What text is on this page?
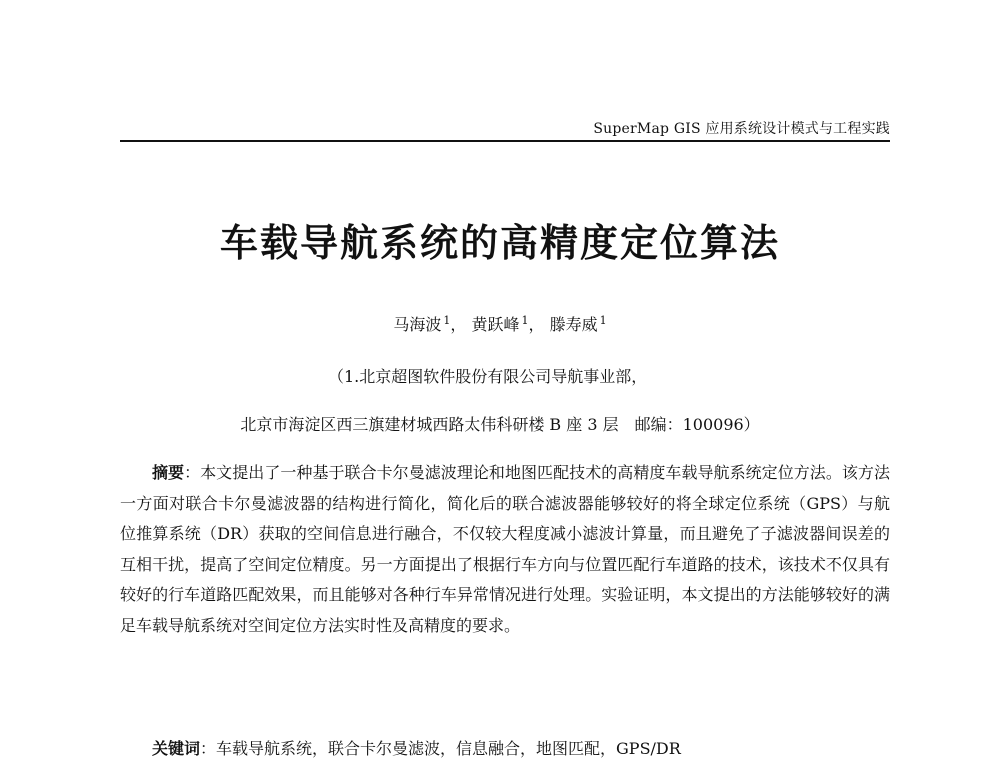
SuperMap GIS 应用系统设计模式与工程实践
车载导航系统的高精度定位算法
马海波 $^1$， 黄跃峰 $^1$， 滕寿威 $^1$
（1.北京超图软件股份有限公司导航事业部，
北京市海淀区西三旗建材城西路太伟科研楼 B 座 3 层　邮编：100096）

摘要：本文提出了一种基于联合卡尔曼滤波理论和地图匹配技术的高精度车载导航系统定位方法。该方法一方面对联合卡尔曼滤波器的结构进行简化，简化后的联合滤波器能够较好的将全球定位系统（GPS）与航位推算系统（DR）获取的空间信息进行融合，不仅较大程度减小滤波计算量，而且避免了子滤波器间误差的互相干扰，提高了空间定位精度。另一方面提出了根据行车方向与位置匹配行车道路的技术，该技术不仅具有较好的行车道路匹配效果，而且能够对各种行车异常情况进行处理。实验证明，本文提出的方法能够较好的满足车载导航系统对空间定位方法实时性及高精度的要求。

关键词：车载导航系统，联合卡尔曼滤波，信息融合，地图匹配，GPS/DR
